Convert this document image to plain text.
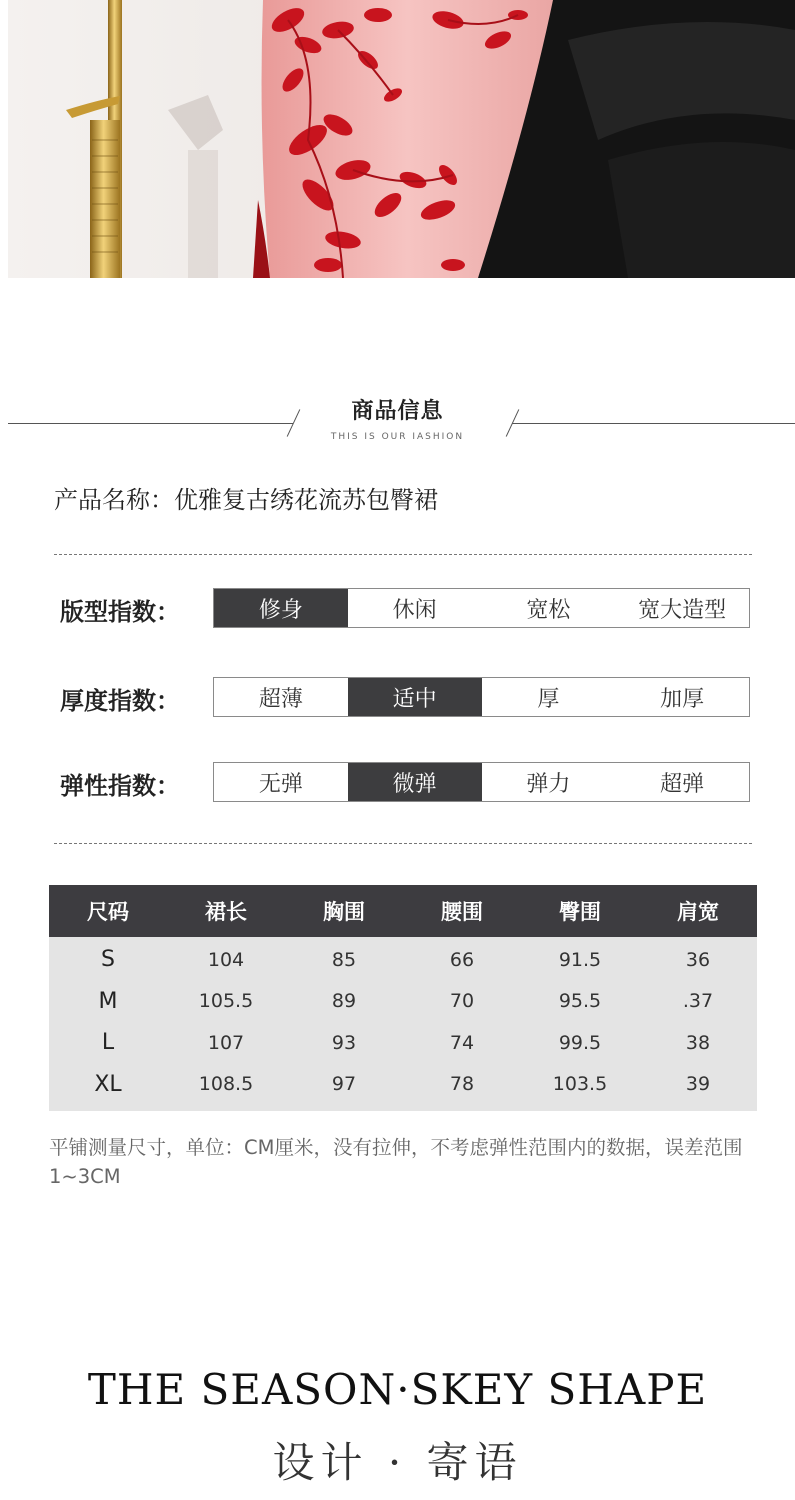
商品信息
THIS IS OUR IASHION
产品名称：优雅复古绣花流苏包臀裙
版型指数：	修身	休闲	宽松	宽大造型
厚度指数：	超薄	适中	厚	加厚
弹性指数：	无弹	微弹	弹力	超弹
尺码	裙长	胸围	腰围	臀围	肩宽
S	104	85	66	91.5	36
M	105.5	89	70	95.5	.37
L	107	93	74	99.5	38
XL	108.5	97	78	103.5	39
平铺测量尺寸，单位：CM厘米，没有拉伸，不考虑弹性范围内的数据，误差范围1~3CM
THE SEASON·SKEY SHAPE
设计 · 寄语
